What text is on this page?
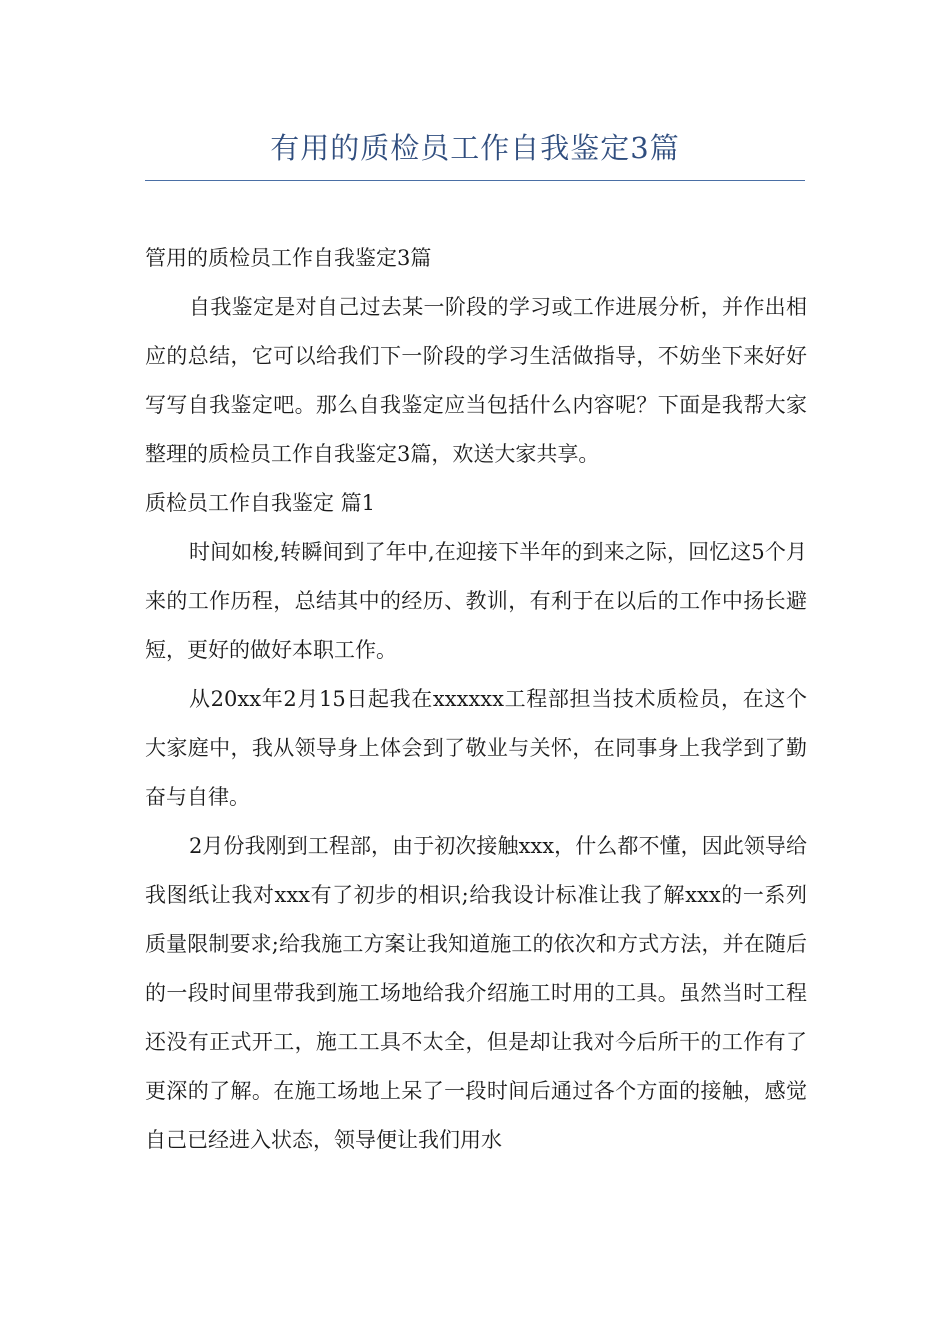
有用的质检员工作自我鉴定3篇

管用的质检员工作自我鉴定3篇

自我鉴定是对自己过去某一阶段的学习或工作进展分析，并作出相应的总结，它可以给我们下一阶段的学习生活做指导，不妨坐下来好好写写自我鉴定吧。那么自我鉴定应当包括什么内容呢？下面是我帮大家整理的质检员工作自我鉴定3篇，欢送大家共享。

质检员工作自我鉴定 篇1

时间如梭,转瞬间到了年中,在迎接下半年的到来之际，回忆这5个月来的工作历程，总结其中的经历、教训，有利于在以后的工作中扬长避短，更好的做好本职工作。

从20xx年2月15日起我在xxxxxx工程部担当技术质检员，在这个大家庭中，我从领导身上体会到了敬业与关怀，在同事身上我学到了勤奋与自律。

2月份我刚到工程部，由于初次接触xxx，什么都不懂，因此领导给我图纸让我对xxx有了初步的相识;给我设计标准让我了解xxx的一系列质量限制要求;给我施工方案让我知道施工的依次和方式方法，并在随后的一段时间里带我到施工场地给我介绍施工时用的工具。虽然当时工程还没有正式开工，施工工具不太全，但是却让我对今后所干的工作有了更深的了解。在施工场地上呆了一段时间后通过各个方面的接触，感觉自己已经进入状态，领导便让我们用水
